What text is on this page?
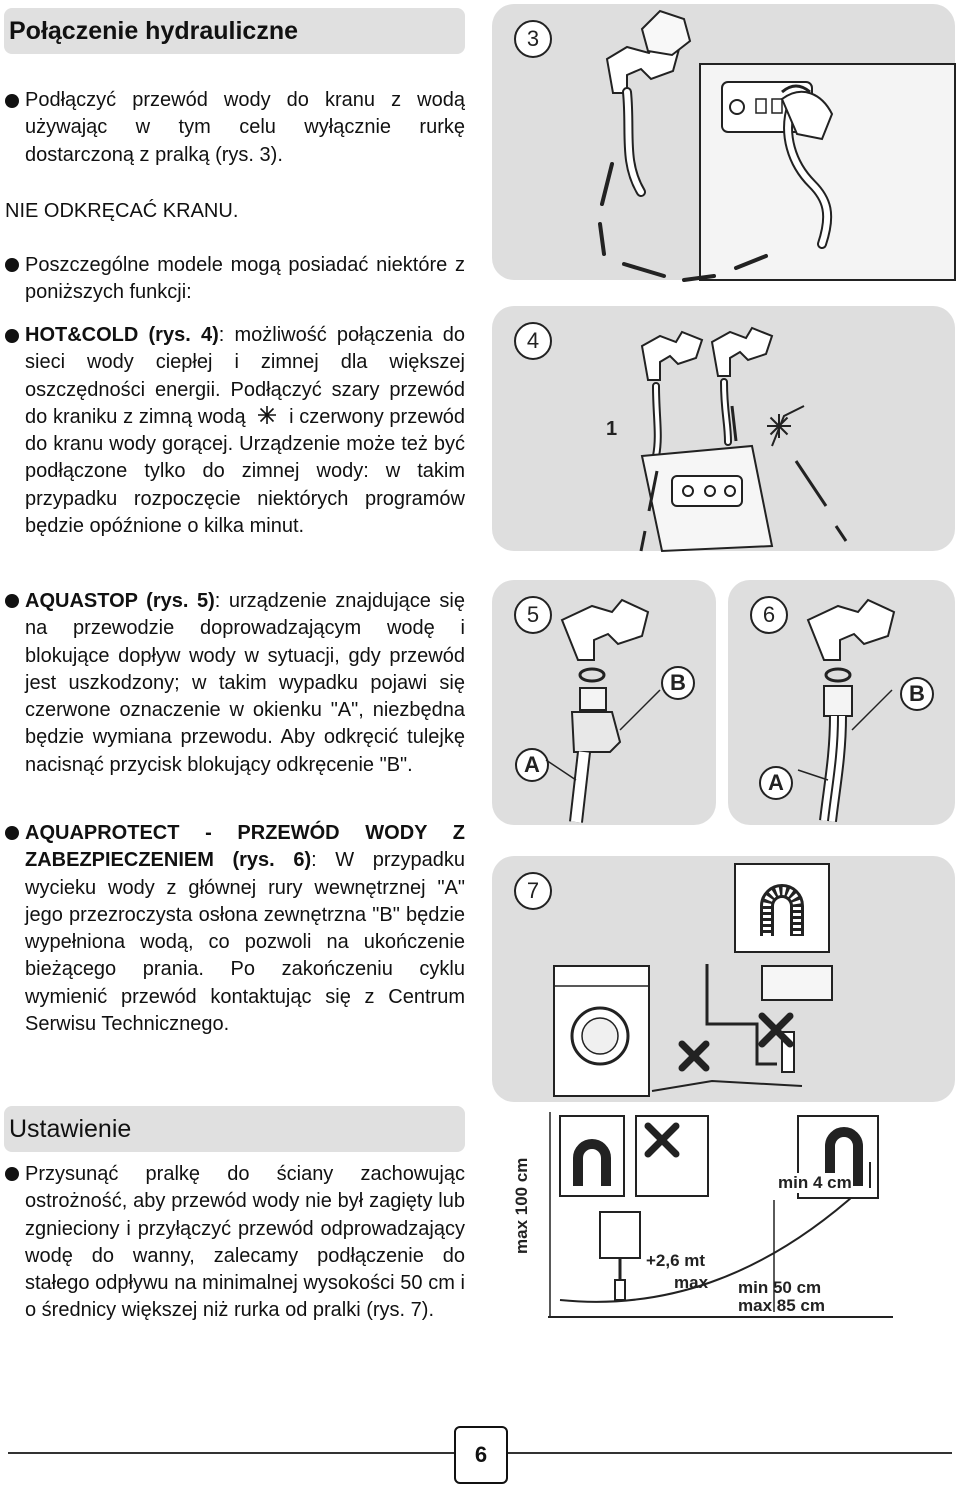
Połączenie hydrauliczne
Podłączyć przewód wody do kranu z wodą używając w tym celu wyłącznie rurkę dostarczoną z pralką (rys. 3).
NIE ODKRĘCAĆ KRANU.
Poszczególne modele mogą posiadać niektóre z poniższych funkcji:
HOT&COLD (rys. 4): możliwość połączenia do sieci wody ciepłej i zimnej dla większej oszczędności energii. Podłączyć szary przewód do kraniku z zimną wodą i czerwony przewód do kranu wody gorącej. Urządzenie może też być podłączone tylko do zimnej wody: w takim przypadku rozpoczęcie niektórych programów będzie opóźnione o kilka minut.
AQUASTOP (rys. 5): urządzenie znajdujące się na przewodzie doprowadzającym wodę i blokujące dopływ wody w sytuacji, gdy przewód jest uszkodzony; w takim wypadku pojawi się czerwone oznaczenie w okienku "A", niezbędna będzie wymiana przewodu. Aby odkręcić tulejkę nacisnąć przycisk blokujący odkręcenie "B".
AQUAPROTECT - PRZEWÓD WODY Z ZABEZPIECZENIEM (rys. 6): W przypadku wycieku wody z głównej rury wewnętrznej "A" jego przezroczysta osłona zewnętrzna "B" będzie wypełniona wodą, co pozwoli na ukończenie bieżącego prania. Po zakończeniu cyklu wymienić przewód kontaktując się z Centrum Serwisu Technicznego.
Ustawienie
Przysunąć pralkę do ściany zachowując ostrożność, aby przewód wody nie był zagięty lub zgnieciony i przyłączyć przewód odprowadzający wodę do wanny, zalecamy podłączenie do stałego odpływu na minimalnej wysokości 50 cm i o średnicy większej niż rurka od pralki (rys. 7).
3
4
1
5
A
B
6
A
B
7
max 100 cm
+2,6 mt
max
min 4 cm
min 50 cm
max 85 cm
6
